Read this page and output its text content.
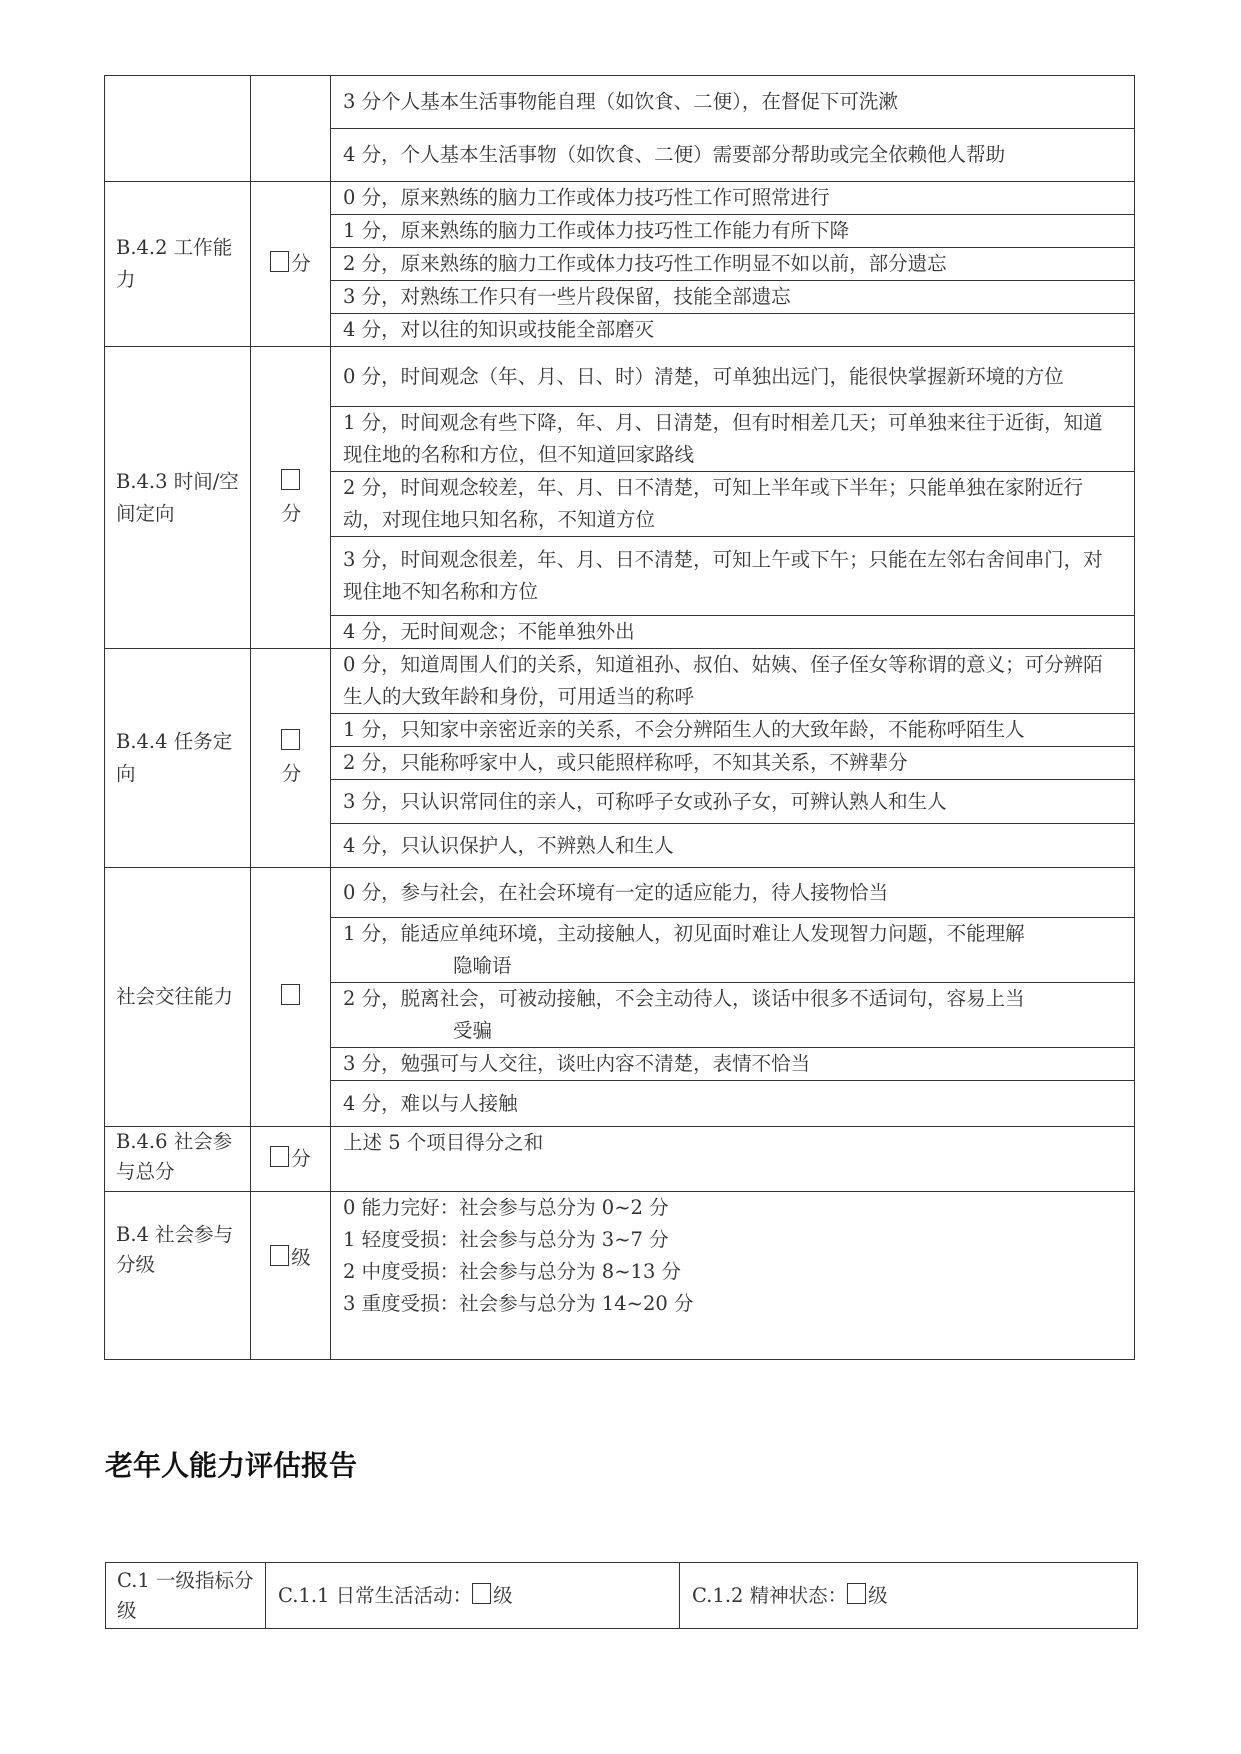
		3 分个人基本生活事物能自理（如饮食、二便），在督促下可洗漱
		4 分，个人基本生活事物（如饮食、二便）需要部分帮助或完全依赖他人帮助
B.4.2 工作能力	分	0 分，原来熟练的脑力工作或体力技巧性工作可照常进行
		1 分，原来熟练的脑力工作或体力技巧性工作能力有所下降
		2 分，原来熟练的脑力工作或体力技巧性工作明显不如以前，部分遗忘
		3 分，对熟练工作只有一些片段保留，技能全部遗忘
		4 分，对以往的知识或技能全部磨灭
B.4.3 时间/空间定向	分	0 分，时间观念（年、月、日、时）清楚，可单独出远门，能很快掌握新环境的方位
		1 分，时间观念有些下降，年、月、日清楚，但有时相差几天；可单独来往于近街，知道现住地的名称和方位，但不知道回家路线
		2 分，时间观念较差，年、月、日不清楚，可知上半年或下半年；只能单独在家附近行动，对现住地只知名称，不知道方位
		3 分，时间观念很差，年、月、日不清楚，可知上午或下午；只能在左邻右舍间串门，对现住地不知名称和方位
		4 分，无时间观念；不能单独外出
B.4.4 任务定向	分	0 分，知道周围人们的关系，知道祖孙、叔伯、姑姨、侄子侄女等称谓的意义；可分辨陌生人的大致年龄和身份，可用适当的称呼
		1 分，只知家中亲密近亲的关系，不会分辨陌生人的大致年龄，不能称呼陌生人
		2 分，只能称呼家中人，或只能照样称呼，不知其关系，不辨辈分
		3 分，只认识常同住的亲人，可称呼子女或孙子女，可辨认熟人和生人
		4 分，只认识保护人，不辨熟人和生人
社会交往能力		0 分，参与社会，在社会环境有一定的适应能力，待人接物恰当
		1 分，能适应单纯环境，主动接触人，初见面时难让人发现智力问题，不能理解
隐喻语

		2 分，脱离社会，可被动接触，不会主动待人，谈话中很多不适词句，容易上当
受骗

		3 分，勉强可与人交往，谈吐内容不清楚，表情不恰当
		4 分，难以与人接触
B.4.6 社会参与总分	分	上述 5 个项目得分之和
B.4 社会参与分级	级	0 能力完好：社会参与总分为 0~2 分
1 轻度受损：社会参与总分为 3~7 分
2 中度受损：社会参与总分为 8~13 分
3 重度受损：社会参与总分为 14~20 分
老年人能力评估报告
C.1 一级指标分级	C.1.1 日常生活活动： 级	C.1.2 精神状态： 级
